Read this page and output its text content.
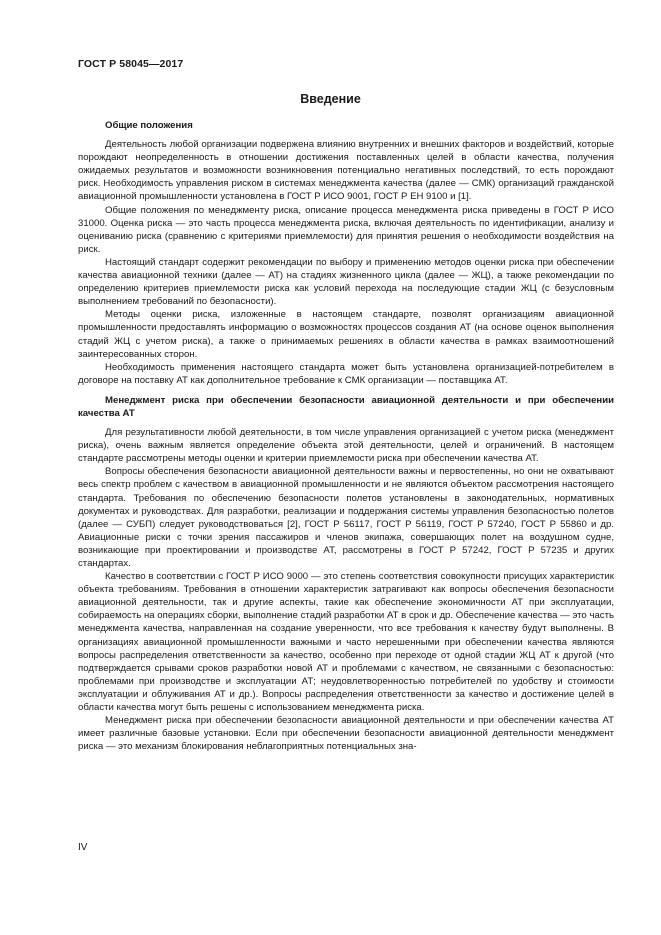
ГОСТ Р 58045—2017
Введение
Общие положения

Деятельность любой организации подвержена влиянию внутренних и внешних факторов и воздействий, которые порождают неопределенность в отношении достижения поставленных целей в области качества, получения ожидаемых результатов и возможности возникновения потенциально негативных последствий, то есть порождают риск. Необходимость управления риском в системах менеджмента качества (далее — СМК) организаций гражданской авиационной промышленности установлена в ГОСТ Р ИСО 9001, ГОСТ Р ЕН 9100 и [1].

Общие положения по менеджменту риска, описание процесса менеджмента риска приведены в ГОСТ Р ИСО 31000. Оценка риска — это часть процесса менеджмента риска, включая деятельность по идентификации, анализу и оцениванию риска (сравнению с критериями приемлемости) для принятия решения о необходимости воздействия на риск.

Настоящий стандарт содержит рекомендации по выбору и применению методов оценки риска при обеспечении качества авиационной техники (далее — АТ) на стадиях жизненного цикла (далее — ЖЦ), а также рекомендации по определению критериев приемлемости риска как условий перехода на последующие стадии ЖЦ (с безусловным выполнением требований по безопасности).

Методы оценки риска, изложенные в настоящем стандарте, позволят организациям авиационной промышленности предоставлять информацию о возможностях процессов создания АТ (на основе оценок выполнения стадий ЖЦ с учетом риска), а также о принимаемых решениях в области качества в рамках взаимоотношений заинтересованных сторон.

Необходимость применения настоящего стандарта может быть установлена организацией-потребителем в договоре на поставку АТ как дополнительное требование к СМК организации — поставщика АТ.

Менеджмент риска при обеспечении безопасности авиационной деятельности и при обеспечении качества АТ

Для результативности любой деятельности, в том числе управления организацией с учетом риска (менеджмент риска), очень важным является определение объекта этой деятельности, целей и ограничений. В настоящем стандарте рассмотрены методы оценки и критерии приемлемости риска при обеспечении качества АТ.

Вопросы обеспечения безопасности авиационной деятельности важны и первостепенны, но они не охватывают весь спектр проблем с качеством в авиационной промышленности и не являются объектом рассмотрения настоящего стандарта. Требования по обеспечению безопасности полетов установлены в законодательных, нормативных документах и руководствах. Для разработки, реализации и поддержания системы управления безопасностью полетов (далее — СУБП) следует руководствоваться [2], ГОСТ Р 56117, ГОСТ Р 56119, ГОСТ Р 57240, ГОСТ Р 55860 и др. Авиационные риски с точки зрения пассажиров и членов экипажа, совершающих полет на воздушном судне, возникающие при проектировании и производстве АТ, рассмотрены в ГОСТ Р 57242, ГОСТ Р 57235 и других стандартах.

Качество в соответствии с ГОСТ Р ИСО 9000 — это степень соответствия совокупности присущих характеристик объекта требованиям. Требования в отношении характеристик затрагивают как вопросы обеспечения безопасности авиационной деятельности, так и другие аспекты, такие как обеспечение экономичности АТ при эксплуатации, собираемость на операциях сборки, выполнение стадий разработки АТ в срок и др. Обеспечение качества — это часть менеджмента качества, направленная на создание уверенности, что все требования к качеству будут выполнены. В организациях авиационной промышленности важными и часто нерешенными при обеспечении качества являются вопросы распределения ответственности за качество, особенно при переходе от одной стадии ЖЦ АТ к другой (что подтверждается срывами сроков разработки новой АТ и проблемами с качеством, не связанными с безопасностью: проблемами при производстве и эксплуатации АТ; неудовлетворенностью потребителей по удобству и стоимости эксплуатации и облуживания АТ и др.). Вопросы распределения ответственности за качество и достижение целей в области качества могут быть решены с использованием менеджмента риска.

Менеджмент риска при обеспечении безопасности авиационной деятельности и при обеспечении качества АТ имеет различные базовые установки. Если при обеспечении безопасности авиационной деятельности менеджмент риска — это механизм блокирования неблагоприятных потенциальных зна-

IV
